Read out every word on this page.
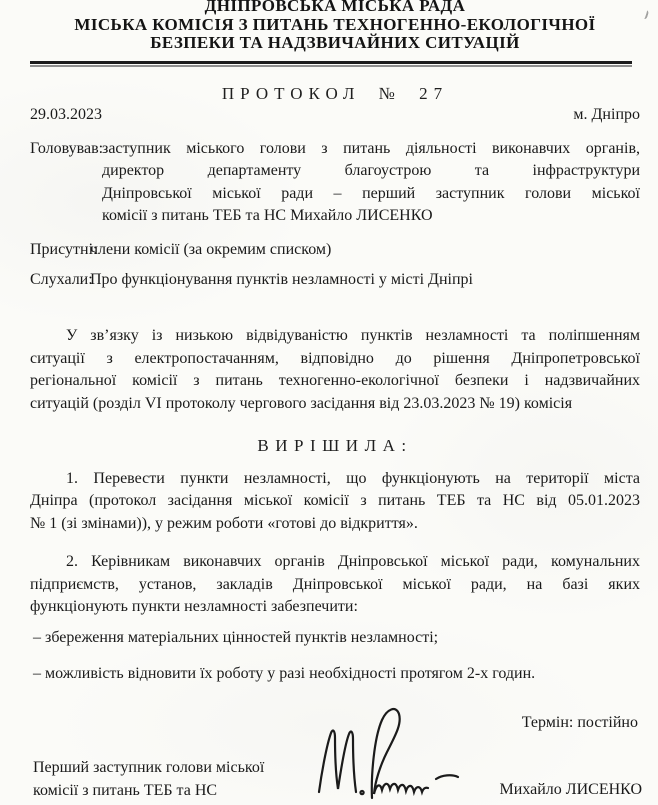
ДНІПРОВСЬКА МІСЬКА РАДА
МІСЬКА КОМІСІЯ З ПИТАНЬ ТЕХНОГЕННО-ЕКОЛОГІЧНОЇ
БЕЗПЕКИ ТА НАДЗВИЧАЙНИХ СИТУАЦІЙ
ПРОТОКОЛ № 27
29.03.2023	м. Дніпро
Головував:
заступник міського голови з питань діяльності виконавчих органів,
директор департаменту благоустрою та інфраструктури
Дніпровської міської ради – перший заступник голови міської
комісії з питань ТЕБ та НС Михайло ЛИСЕНКО
Присутні:
члени комісії (за окремим списком)
Слухали:
Про функціонування пунктів незламності у місті Дніпрі
У зв’язку із низькою відвідуваністю пунктів незламності та поліпшенням
ситуації з електропостачанням, відповідно до рішення Дніпропетровської
регіональної комісії з питань техногенно-екологічної безпеки і надзвичайних
ситуацій (розділ VI протоколу чергового засідання від 23.03.2023 № 19) комісія
ВИРІШИЛА:
1. Перевести пункти незламності, що функціонують на території міста
Дніпра (протокол засідання міської комісії з питань ТЕБ та НС від 05.01.2023
№ 1 (зі змінами)), у режим роботи «готові до відкриття».
2. Керівникам виконавчих органів Дніпровської міської ради, комунальних
підприємств, установ, закладів Дніпровської міської ради, на базі яких
функціонують пункти незламності забезпечити:
– збереження матеріальних цінностей пунктів незламності;
– можливість відновити їх роботу у разі необхідності протягом 2-х годин.
Термін: постійно
Перший заступник голови міської
комісії з питань ТЕБ та НС	Михайло ЛИСЕНКО
